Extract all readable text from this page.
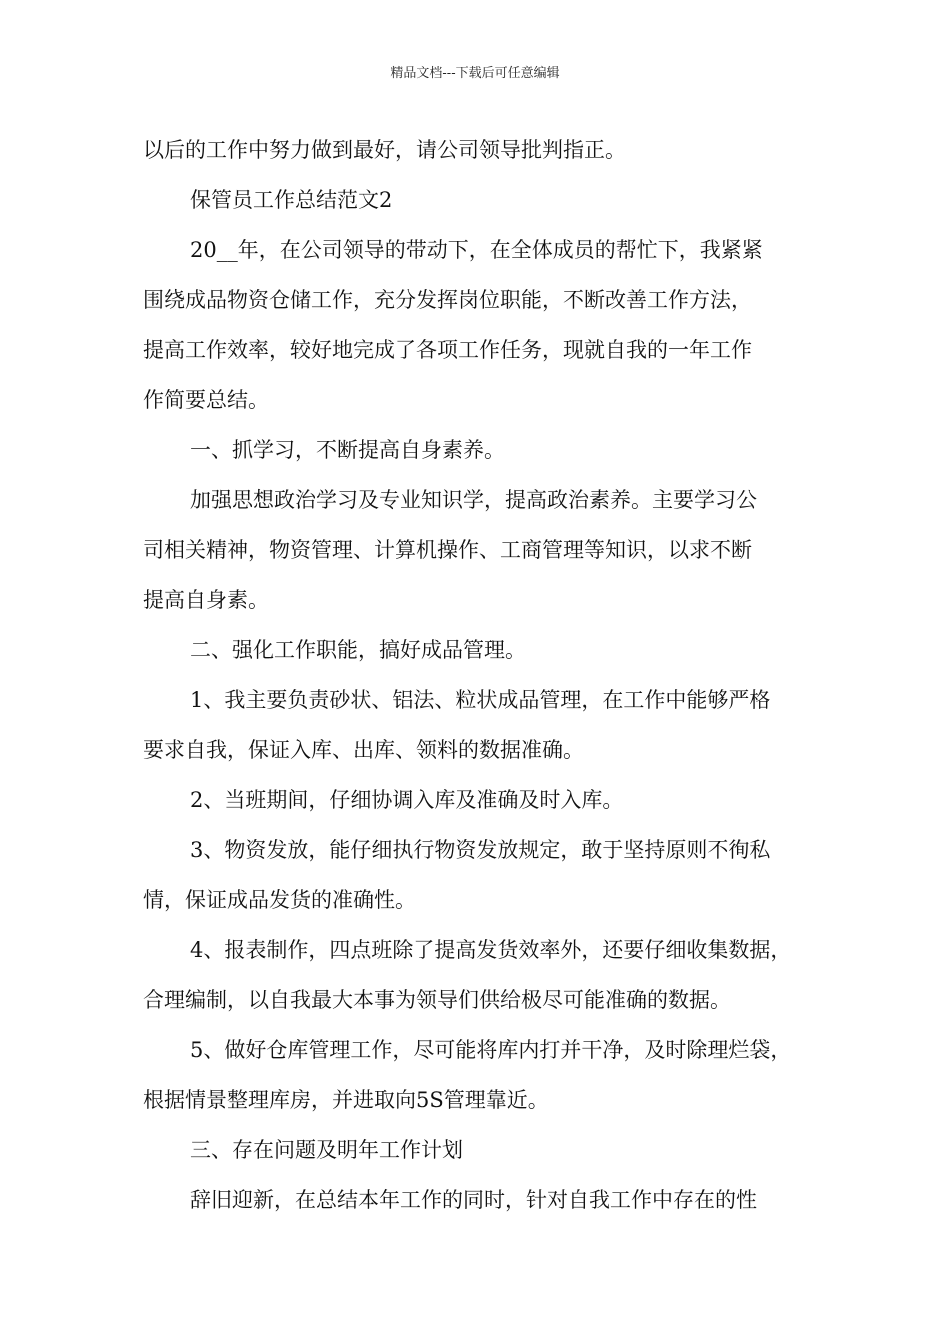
精品文档---下载后可任意编辑
以后的工作中努力做到最好，请公司领导批判指正。
保管员工作总结范文2
20__年，在公司领导的带动下，在全体成员的帮忙下，我紧紧
围绕成品物资仓储工作，充分发挥岗位职能，不断改善工作方法，
提高工作效率，较好地完成了各项工作任务，现就自我的一年工作
作简要总结。
一、抓学习，不断提高自身素养。
加强思想政治学习及专业知识学，提高政治素养。主要学习公
司相关精神，物资管理、计算机操作、工商管理等知识，以求不断
提高自身素。
二、强化工作职能，搞好成品管理。
1、我主要负责砂状、铝法、粒状成品管理，在工作中能够严格
要求自我，保证入库、出库、领料的数据准确。
2、当班期间，仔细协调入库及准确及时入库。
3、物资发放，能仔细执行物资发放规定，敢于坚持原则不徇私
情，保证成品发货的准确性。
4、报表制作，四点班除了提高发货效率外，还要仔细收集数据，
合理编制，以自我最大本事为领导们供给极尽可能准确的数据。
5、做好仓库管理工作，尽可能将库内打并干净，及时除理烂袋，
根据情景整理库房，并进取向5S管理靠近。
三、存在问题及明年工作计划
辞旧迎新，在总结本年工作的同时，针对自我工作中存在的性
